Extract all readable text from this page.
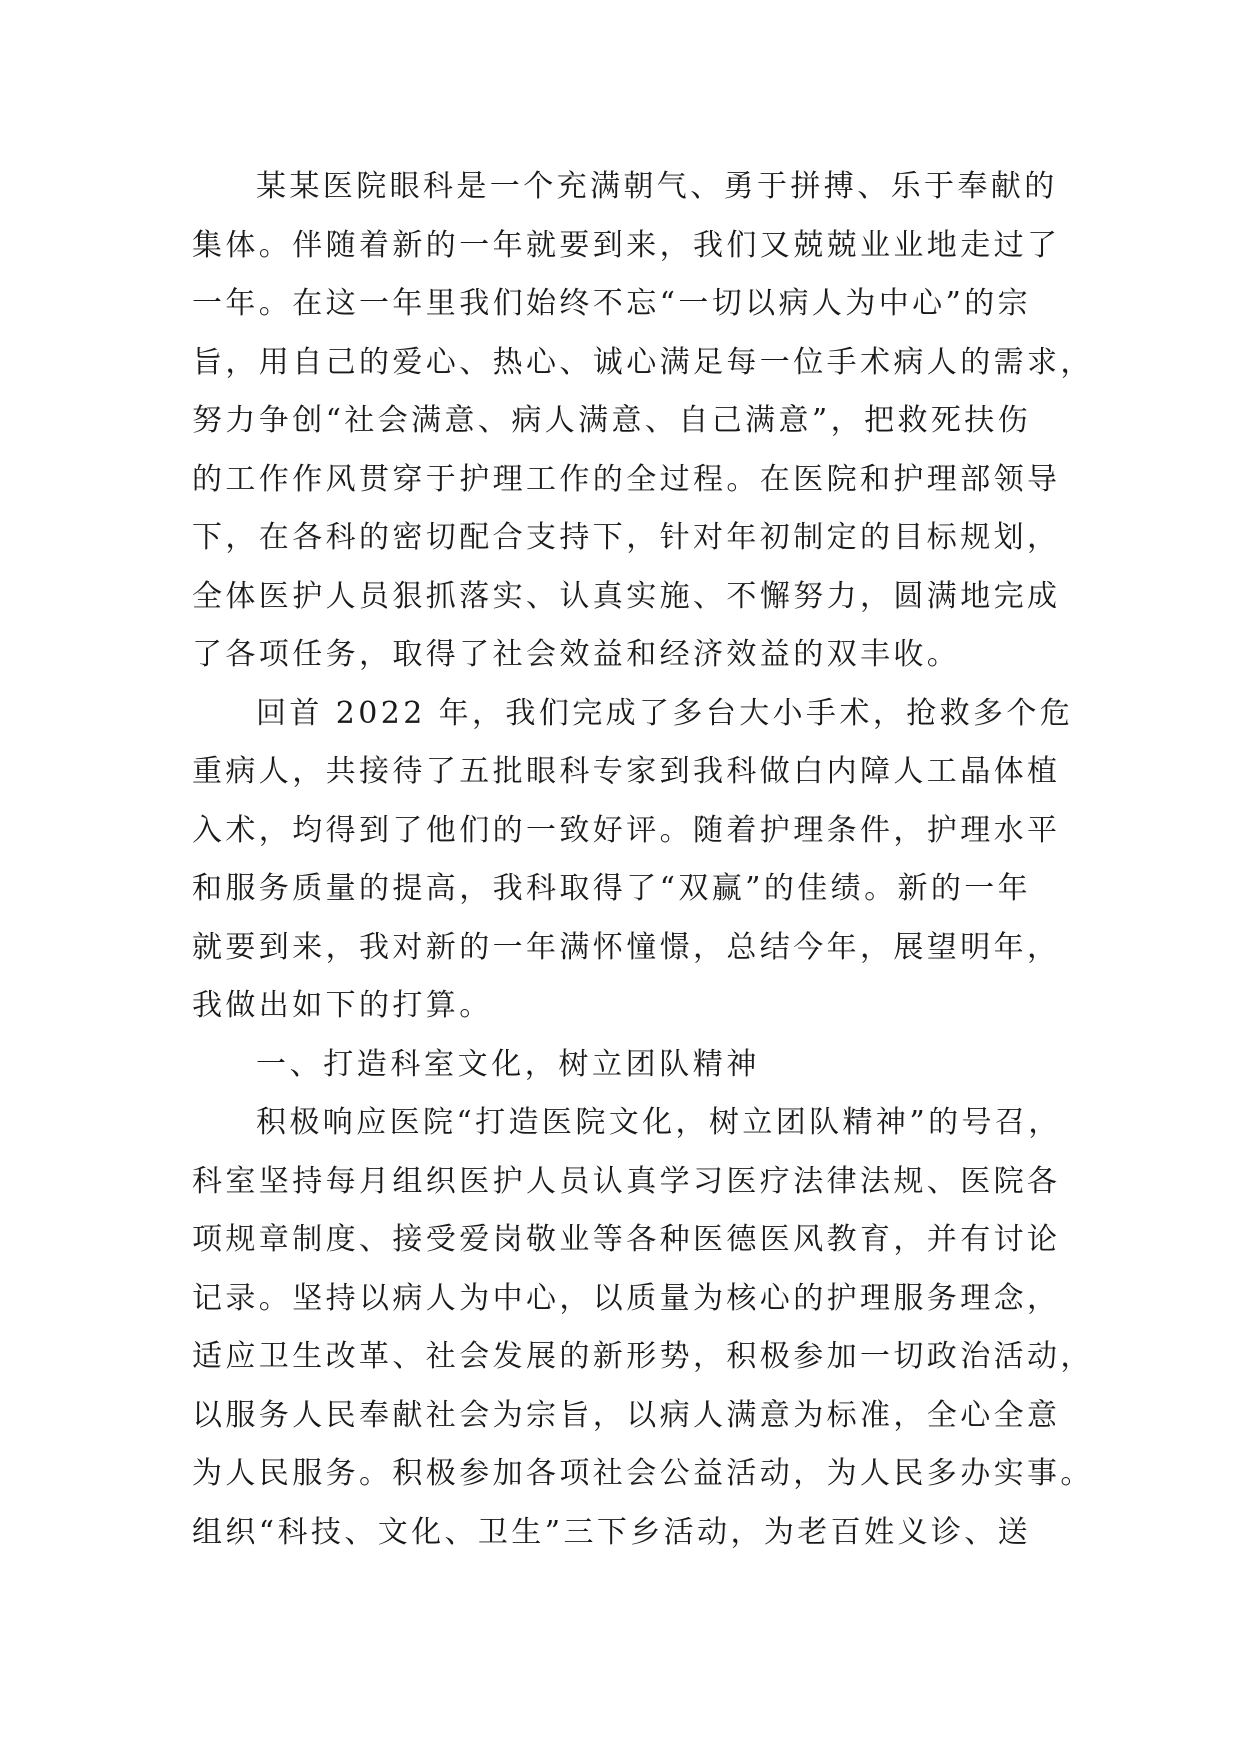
某某医院眼科是一个充满朝气、勇于拼搏、乐于奉献的
集体。伴随着新的一年就要到来，我们又兢兢业业地走过了
一年。在这一年里我们始终不忘“一切以病人为中心”的宗
旨，用自己的爱心、热心、诚心满足每一位手术病人的需求，
努力争创“社会满意、病人满意、自己满意”，把救死扶伤
的工作作风贯穿于护理工作的全过程。在医院和护理部领导
下，在各科的密切配合支持下，针对年初制定的目标规划，
全体医护人员狠抓落实、认真实施、不懈努力，圆满地完成
了各项任务，取得了社会效益和经济效益的双丰收。
回首 2022 年，我们完成了多台大小手术，抢救多个危
重病人，共接待了五批眼科专家到我科做白内障人工晶体植
入术，均得到了他们的一致好评。随着护理条件，护理水平
和服务质量的提高，我科取得了“双赢”的佳绩。新的一年
就要到来，我对新的一年满怀憧憬，总结今年，展望明年，
我做出如下的打算。
一、打造科室文化，树立团队精神
积极响应医院“打造医院文化，树立团队精神”的号召，
科室坚持每月组织医护人员认真学习医疗法律法规、医院各
项规章制度、接受爱岗敬业等各种医德医风教育，并有讨论
记录。坚持以病人为中心，以质量为核心的护理服务理念，
适应卫生改革、社会发展的新形势，积极参加一切政治活动，
以服务人民奉献社会为宗旨，以病人满意为标准，全心全意
为人民服务。积极参加各项社会公益活动，为人民多办实事。
组织“科技、文化、卫生”三下乡活动，为老百姓义诊、送
